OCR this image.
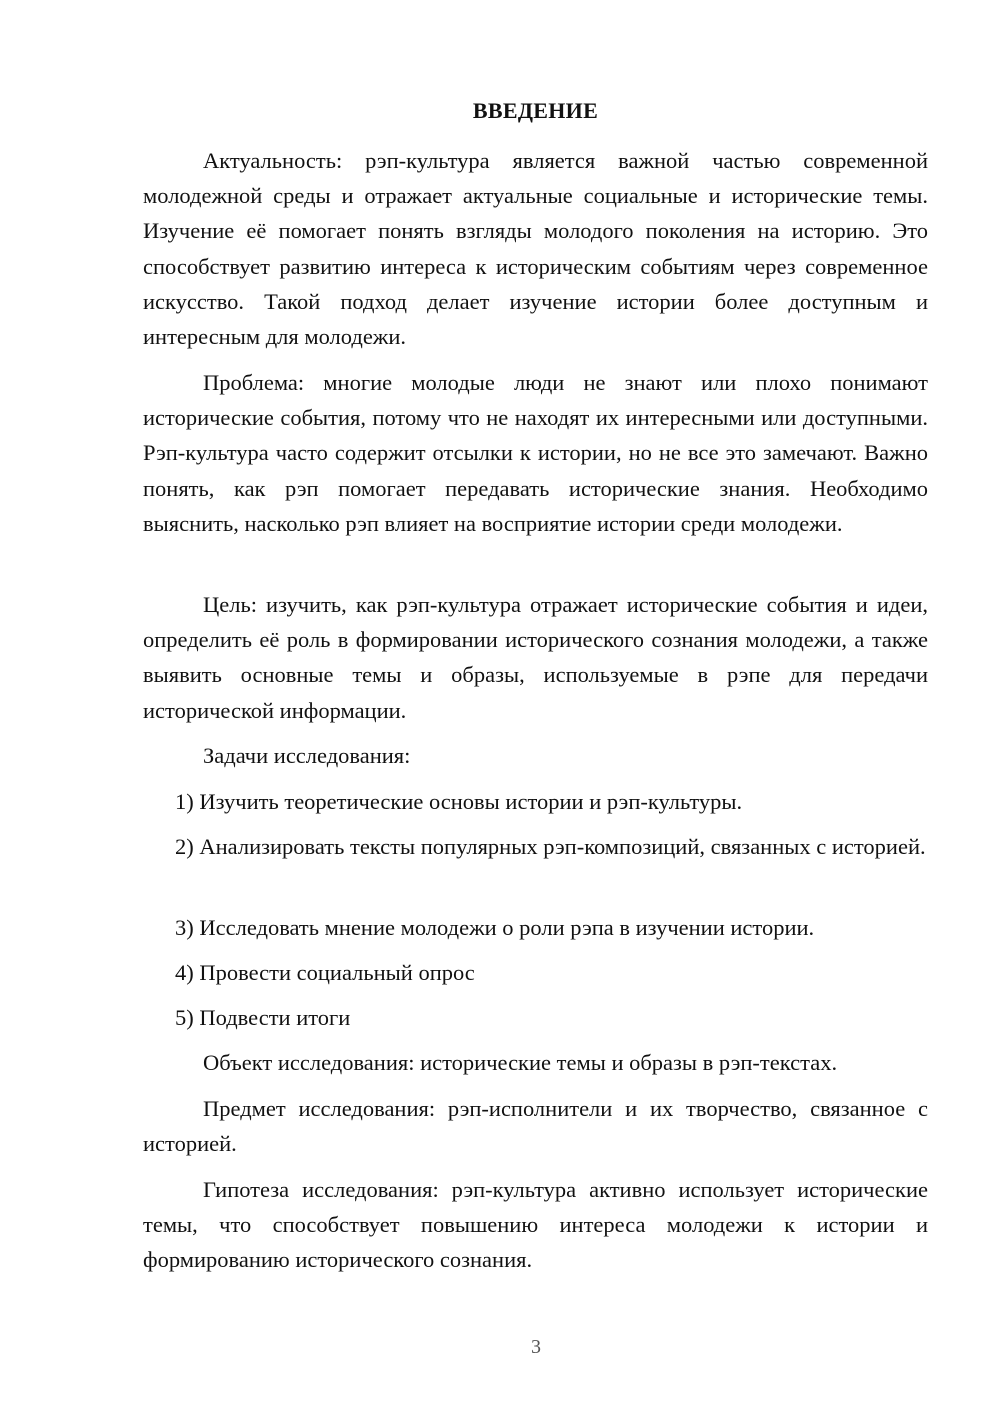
ВВЕДЕНИЕ

Актуальность: рэп-культура является важной частью современной молодежной среды и отражает актуальные социальные и исторические темы. Изучение её помогает понять взгляды молодого поколения на историю. Это способствует развитию интереса к историческим событиям через современное искусство. Такой подход делает изучение истории более доступным и интересным для молодежи.

Проблема: многие молодые люди не знают или плохо понимают исторические события, потому что не находят их интересными или доступными. Рэп-культура часто содержит отсылки к истории, но не все это замечают. Важно понять, как рэп помогает передавать исторические знания. Необходимо выяснить, насколько рэп влияет на восприятие истории среди молодежи.

Цель: изучить, как рэп-культура отражает исторические события и идеи, определить её роль в формировании исторического сознания молодежи, а также выявить основные темы и образы, используемые в рэпе для передачи исторической информации.

Задачи исследования:

1) Изучить теоретические основы истории и рэп-культуры.

2) Анализировать тексты популярных рэп-композиций, связанных с историей.

3) Исследовать мнение молодежи о роли рэпа в изучении истории.

4) Провести социальный опрос

5) Подвести итоги

Объект исследования: исторические темы и образы в рэп-текстах.

Предмет исследования: рэп-исполнители и их творчество, связанное с историей.

Гипотеза исследования: рэп-культура активно использует исторические темы, что способствует повышению интереса молодежи к истории и формированию исторического сознания.

3
